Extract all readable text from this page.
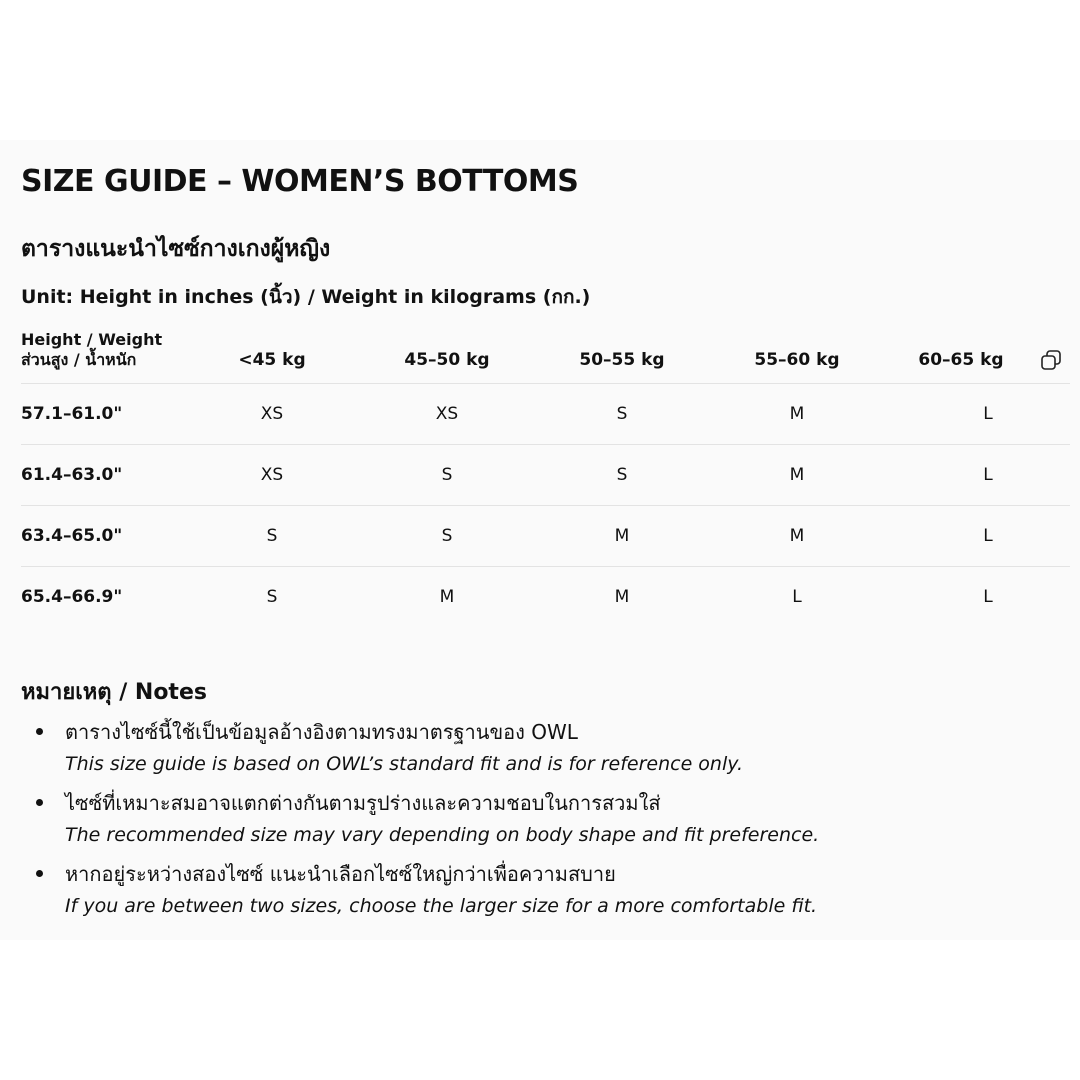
SIZE GUIDE – WOMEN’S BOTTOMS
ตารางแนะนำไซซ์กางเกงผู้หญิง
Unit: Height in inches (นิ้ว) / Weight in kilograms (กก.)
Height / Weight
ส่วนสูง / น้ำหนัก	<45 kg	45–50 kg	50–55 kg	55–60 kg	60–65 kg
57.1–61.0"	XS	XS	S	M	L
61.4–63.0"	XS	S	S	M	L
63.4–65.0"	S	S	M	M	L
65.4–66.9"	S	M	M	L	L
หมายเหตุ / Notes
ตารางไซซ์นี้ใช้เป็นข้อมูลอ้างอิงตามทรงมาตรฐานของ OWL
This size guide is based on OWL’s standard fit and is for reference only.
ไซซ์ที่เหมาะสมอาจแตกต่างกันตามรูปร่างและความชอบในการสวมใส่
The recommended size may vary depending on body shape and fit preference.
หากอยู่ระหว่างสองไซซ์ แนะนำเลือกไซซ์ใหญ่กว่าเพื่อความสบาย
If you are between two sizes, choose the larger size for a more comfortable fit.
